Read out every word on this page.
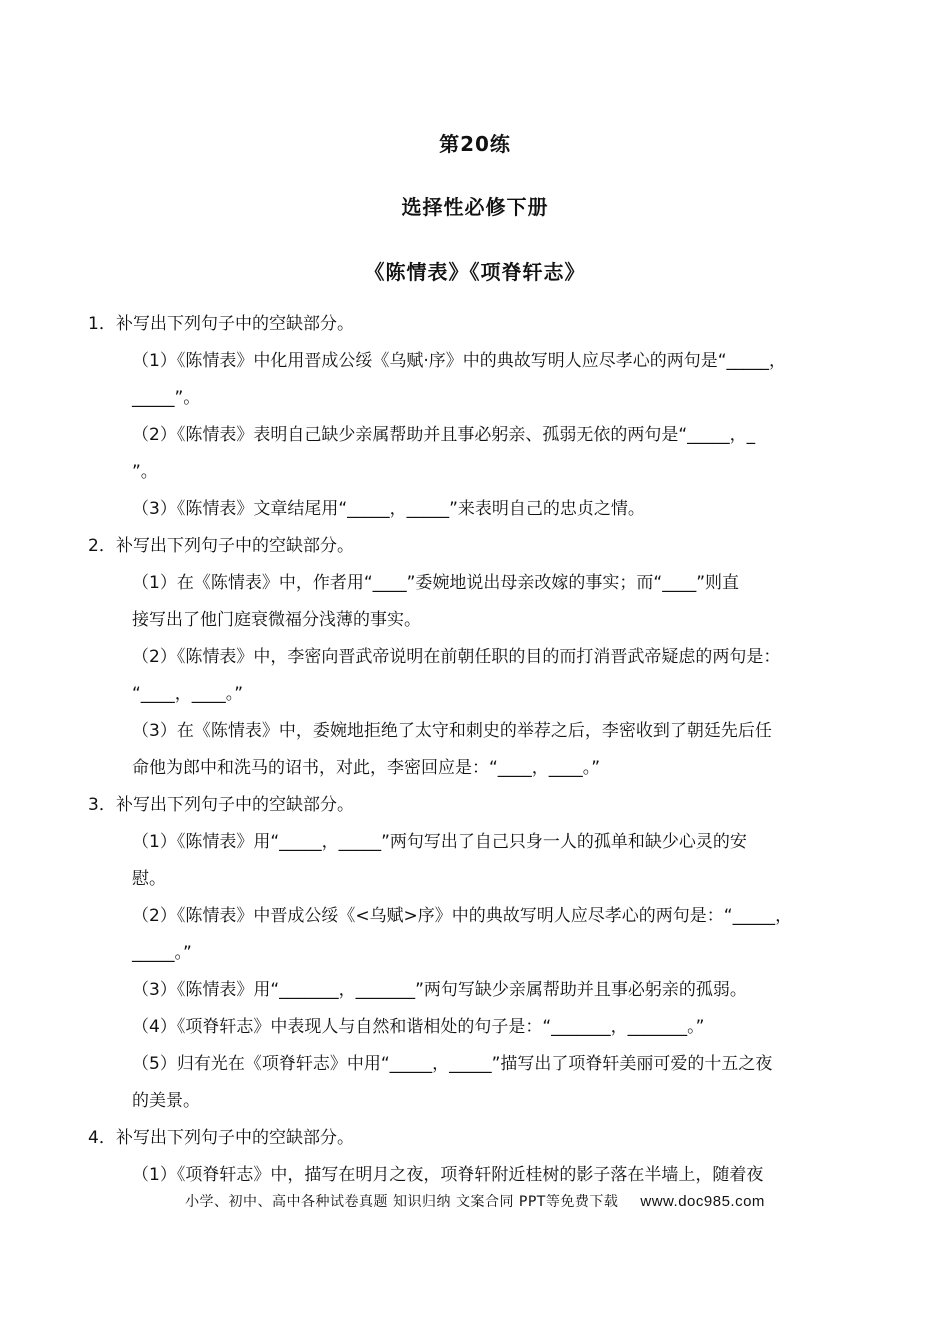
第20练
选择性必修下册
《陈情表》《项脊轩志》
1．补写出下列句子中的空缺部分。
（1）《陈情表》中化用晋成公绥《乌赋·序》中的典故写明人应尽孝心的两句是“_____，
_____”。
（2）《陈情表》表明自己缺少亲属帮助并且事必躬亲、孤弱无依的两句是“_____，_
”。
（3）《陈情表》文章结尾用“_____，_____”来表明自己的忠贞之情。
2．补写出下列句子中的空缺部分。
（1）在《陈情表》中，作者用“____”委婉地说出母亲改嫁的事实；而“____”则直
接写出了他门庭衰微福分浅薄的事实。
（2）《陈情表》中，李密向晋武帝说明在前朝任职的目的而打消晋武帝疑虑的两句是：
“____，____。”
（3）在《陈情表》中，委婉地拒绝了太守和刺史的举荐之后，李密收到了朝廷先后任
命他为郎中和洗马的诏书，对此，李密回应是：“____，____。”
3．补写出下列句子中的空缺部分。
（1）《陈情表》用“_____，_____”两句写出了自己只身一人的孤单和缺少心灵的安
慰。
（2）《陈情表》中晋成公绥《<乌赋>序》中的典故写明人应尽孝心的两句是：“_____，
_____。”
（3）《陈情表》用“_______，_______”两句写缺少亲属帮助并且事必躬亲的孤弱。
（4）《项脊轩志》中表现人与自然和谐相处的句子是：“_______，_______。”
（5）归有光在《项脊轩志》中用“_____，_____”描写出了项脊轩美丽可爱的十五之夜
的美景。
4．补写出下列句子中的空缺部分。
（1）《项脊轩志》中，描写在明月之夜，项脊轩附近桂树的影子落在半墙上，随着夜
小学、初中、高中各种试卷真题 知识归纳 文案合同 PPT等免费下载 www.doc985.com
